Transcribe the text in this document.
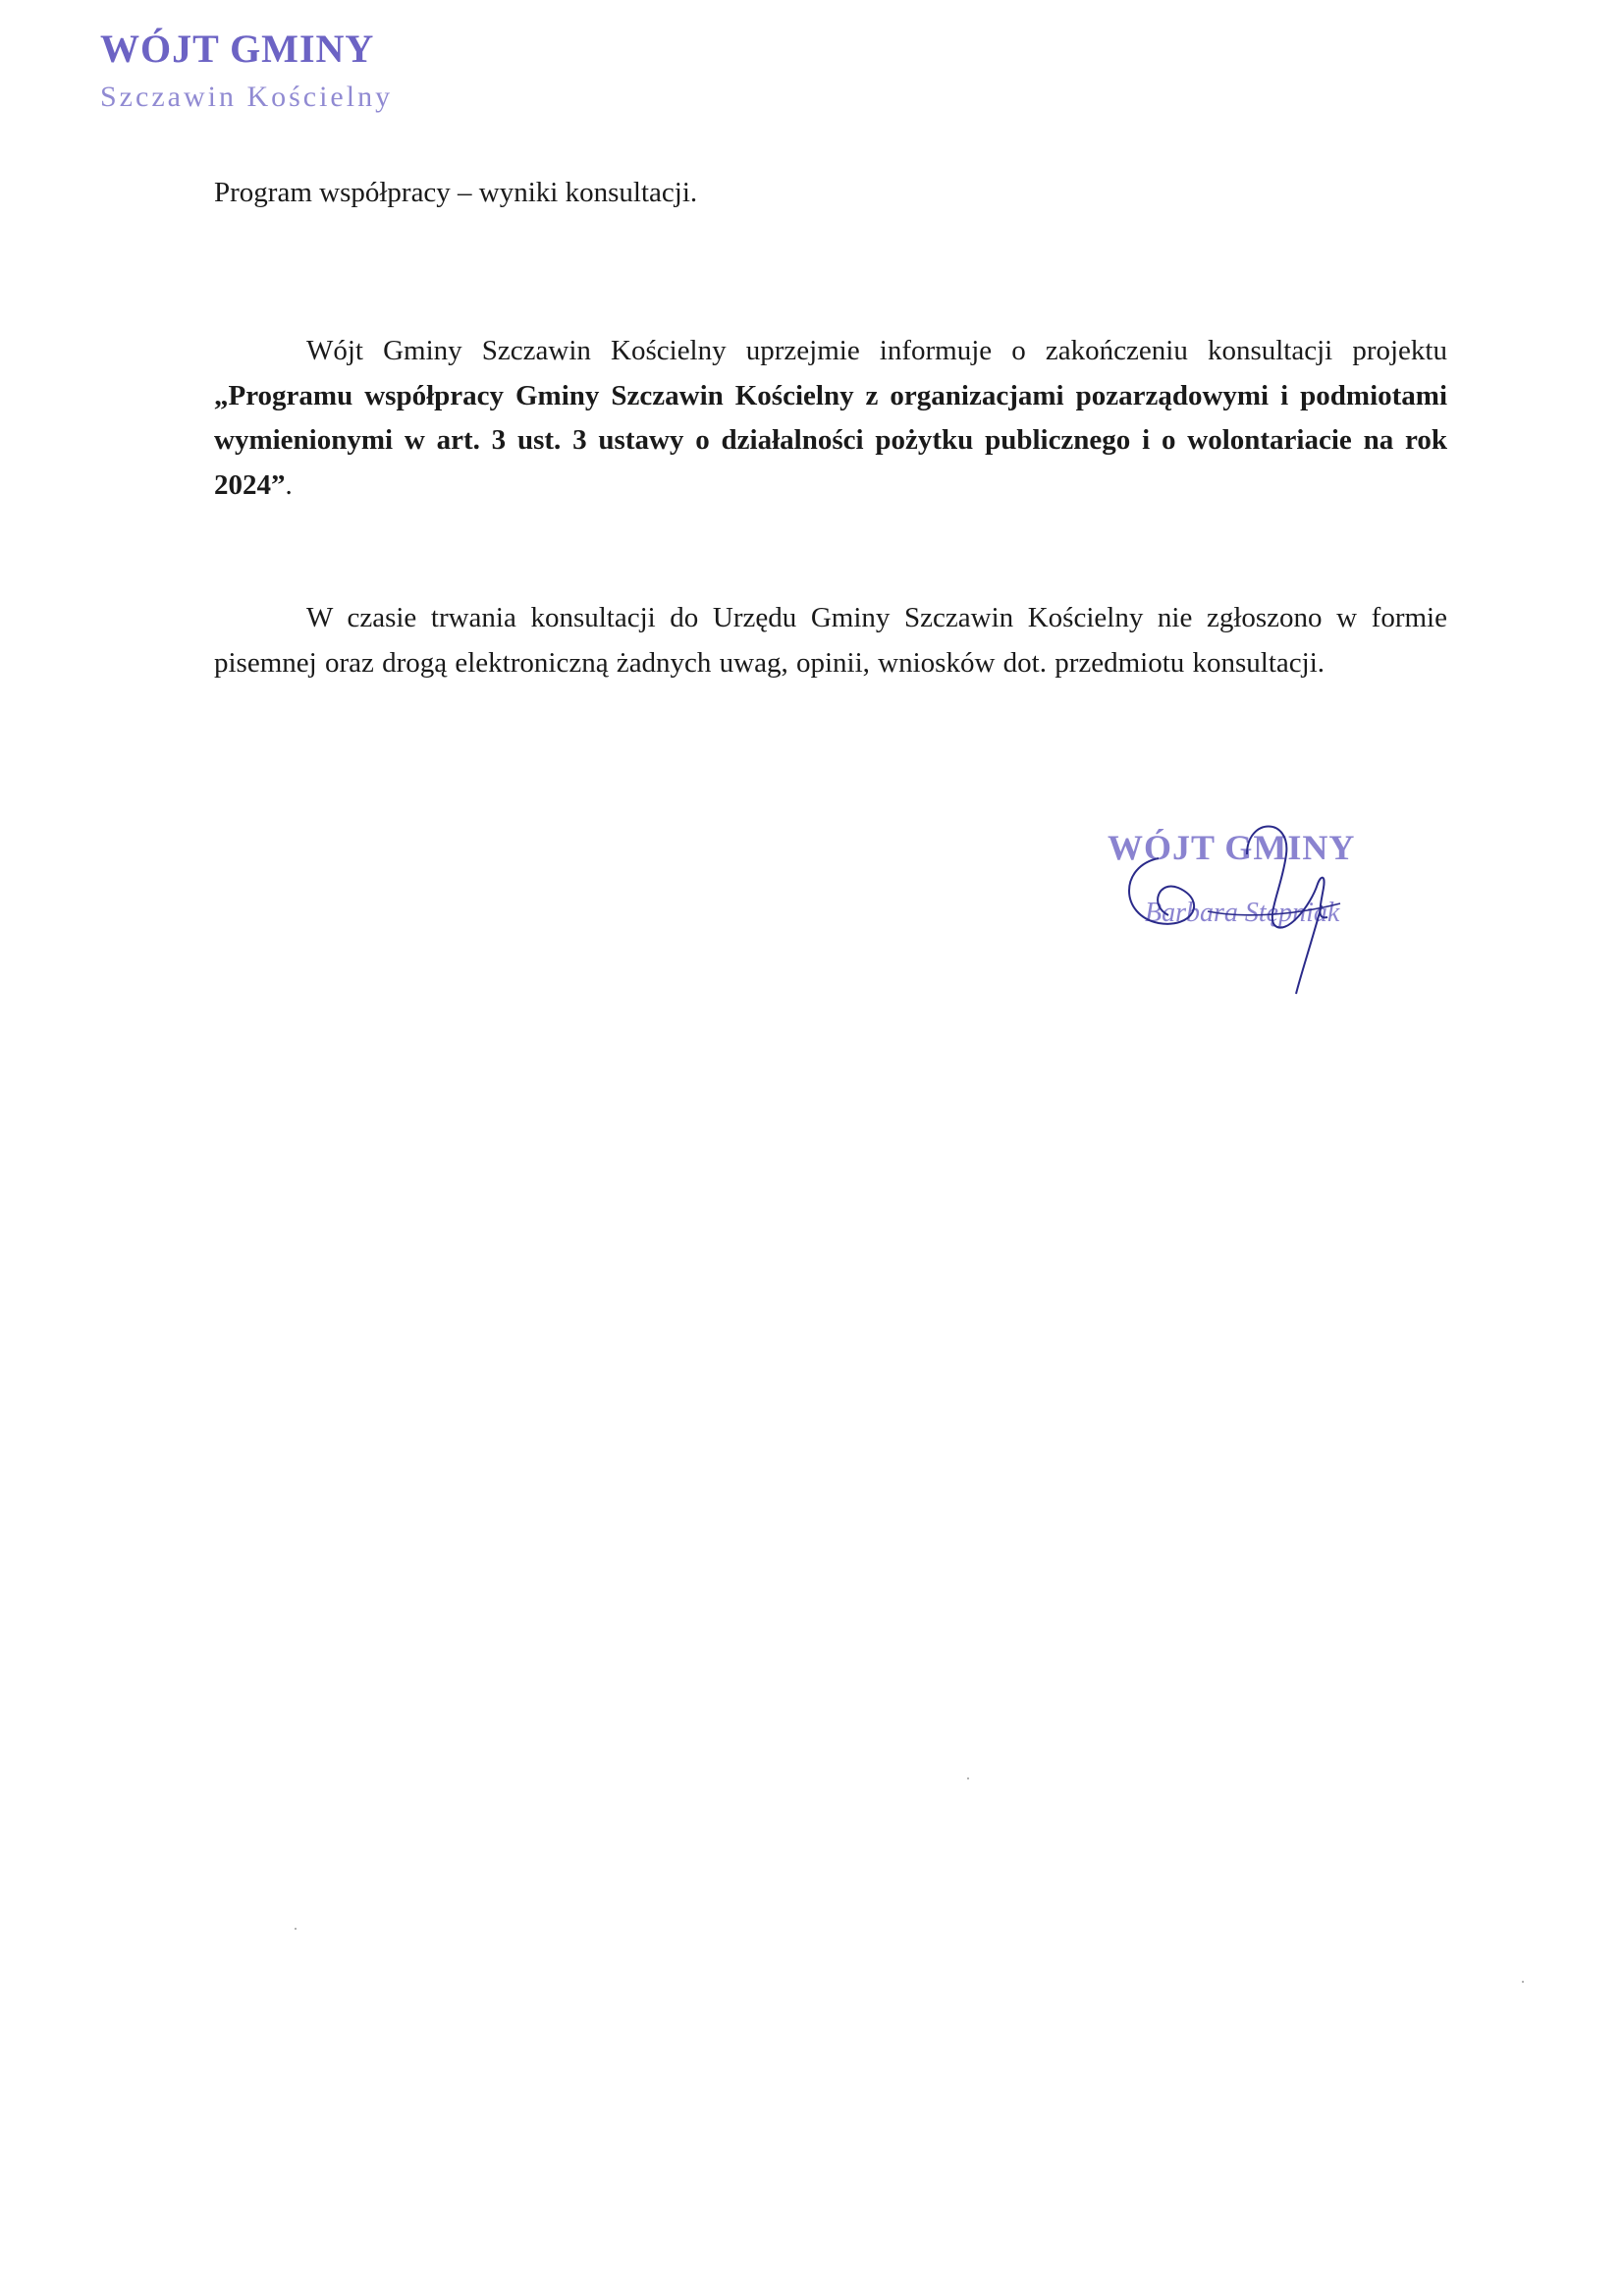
WÓJT GMINY
Szczawin Kościelny
Program współpracy – wyniki konsultacji.
Wójt Gminy Szczawin Kościelny uprzejmie informuje o zakończeniu konsultacji projektu „Programu współpracy Gminy Szczawin Kościelny z organizacjami pozarządowymi i podmiotami wymienionymi w art. 3 ust. 3 ustawy o działalności pożytku publicznego i o wolontariacie na rok 2024”.
W czasie trwania konsultacji do Urzędu Gminy Szczawin Kościelny nie zgłoszono w formie pisemnej oraz drogą elektroniczną żadnych uwag, opinii, wniosków dot. przedmiotu konsultacji.
WÓJT GMINY
Barbara Stępniak
